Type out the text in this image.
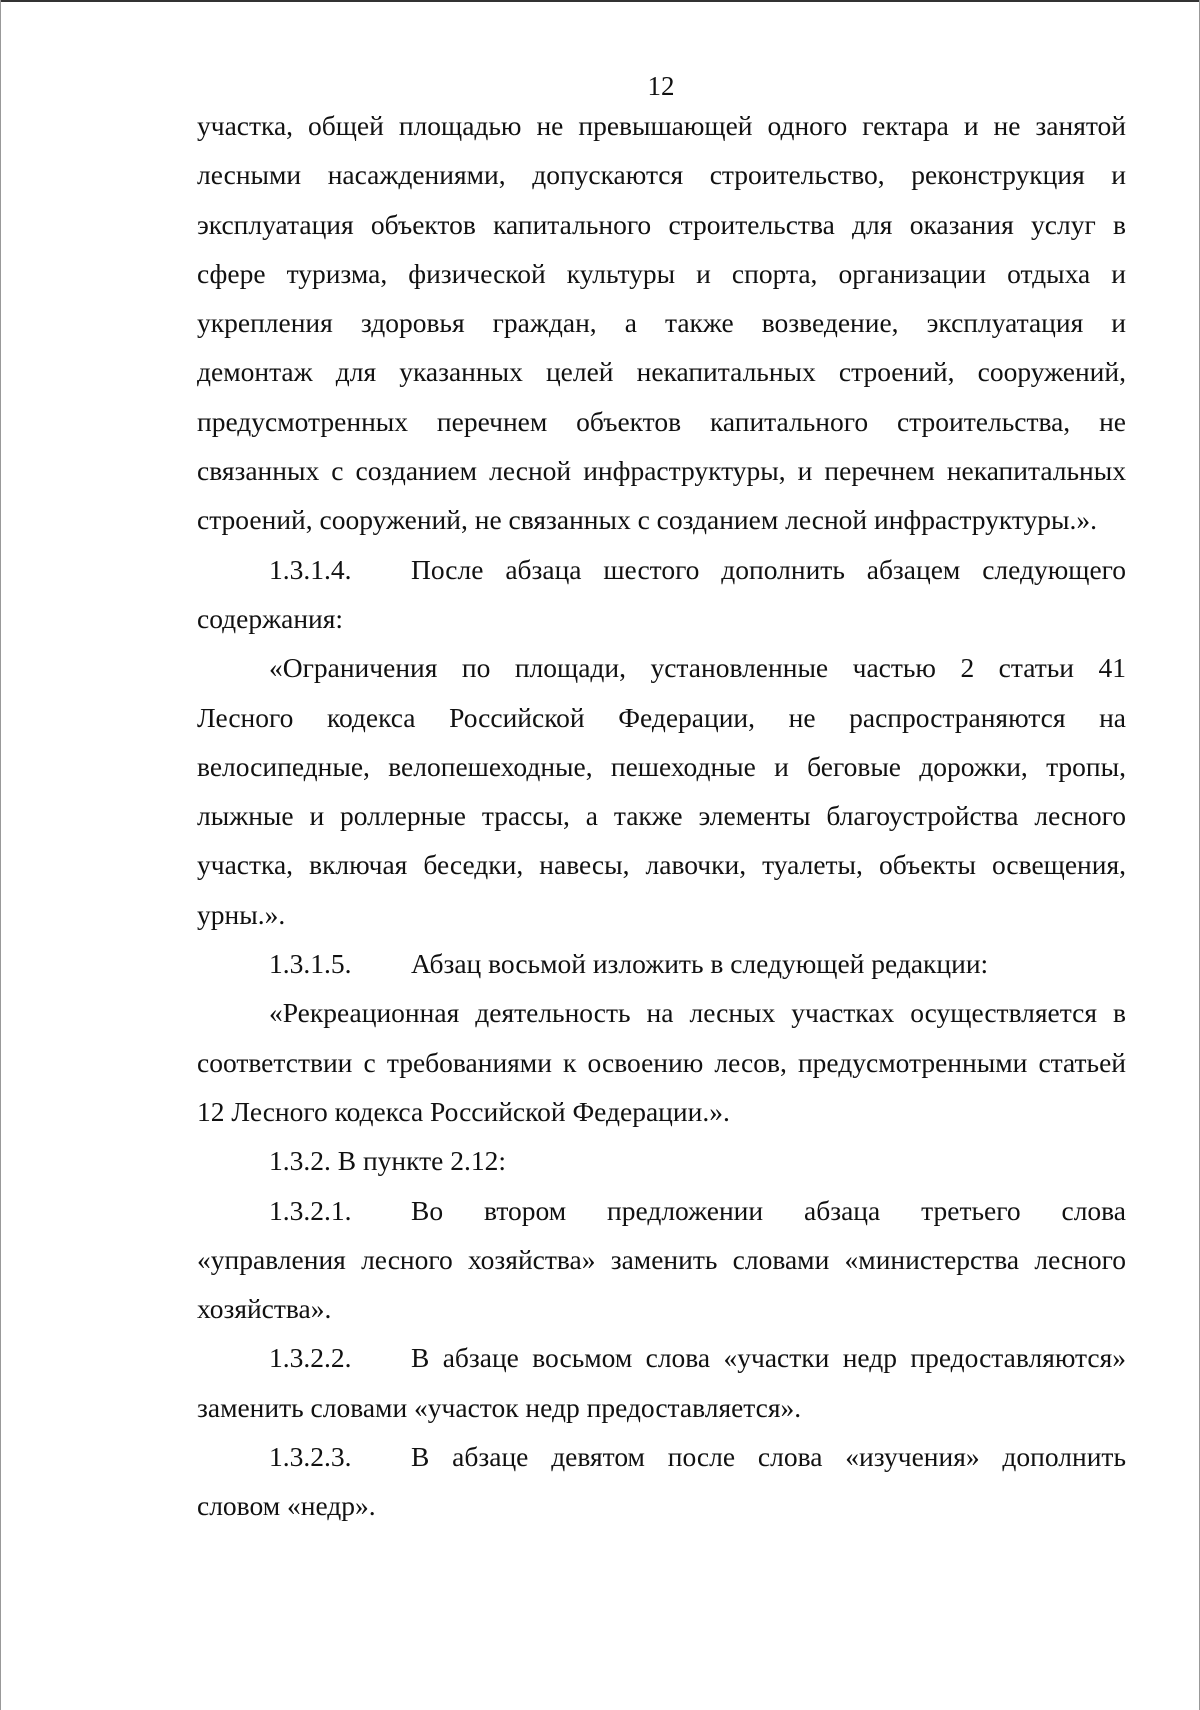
12

участка, общей площадью не превышающей одного гектара и не занятой
лесными насаждениями, допускаются строительство, реконструкция и
эксплуатация объектов капитального строительства для оказания услуг в
сфере туризма, физической культуры и спорта, организации отдыха и
укрепления здоровья граждан, а также возведение, эксплуатация и
демонтаж для указанных целей некапитальных строений, сооружений,
предусмотренных перечнем объектов капитального строительства, не
связанных с созданием лесной инфраструктуры, и перечнем некапитальных
строений, сооружений, не связанных с созданием лесной инфраструктуры.».

1.3.1.4. После абзаца шестого дополнить абзацем следующего
содержания:

«Ограничения по площади, установленные частью 2 статьи 41
Лесного кодекса Российской Федерации, не распространяются на
велосипедные, велопешеходные, пешеходные и беговые дорожки, тропы,
лыжные и роллерные трассы, а также элементы благоустройства лесного
участка, включая беседки, навесы, лавочки, туалеты, объекты освещения,
урны.».

1.3.1.5. Абзац восьмой изложить в следующей редакции:

«Рекреационная деятельность на лесных участках осуществляется в
соответствии с требованиями к освоению лесов, предусмотренными статьей
12 Лесного кодекса Российской Федерации.».

1.3.2. В пункте 2.12:

1.3.2.1. Во втором предложении абзаца третьего слова
«управления лесного хозяйства» заменить словами «министерства лесного
хозяйства».

1.3.2.2. В абзаце восьмом слова «участки недр предоставляются»
заменить словами «участок недр предоставляется».

1.3.2.3. В абзаце девятом после слова «изучения» дополнить
словом «недр».
